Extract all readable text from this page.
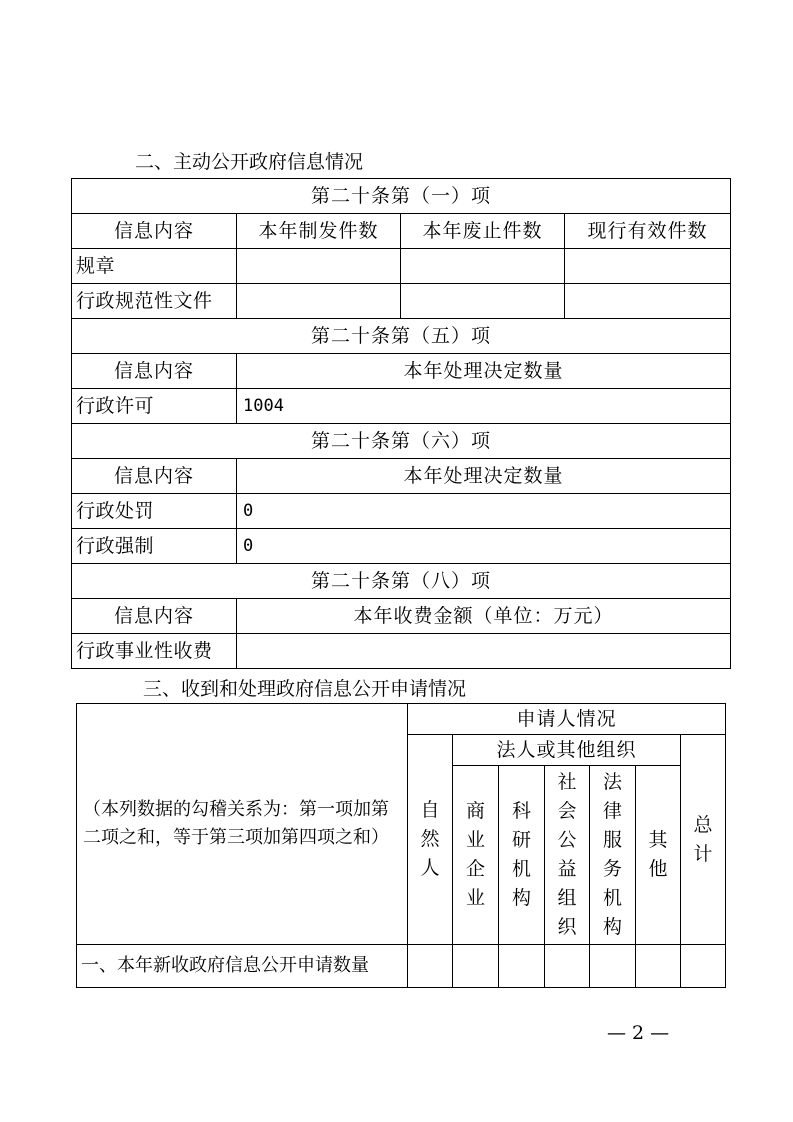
二、主动公开政府信息情况
第二十条第（一）项			
信息内容	本年制发件数	本年废止件数	现行有效件数
规章			
行政规范性文件			
第二十条第（五）项			
信息内容	本年处理决定数量		
行政许可	1004		
第二十条第（六）项			
信息内容	本年处理决定数量		
行政处罚	0		
行政强制	0		
第二十条第（八）项			
信息内容	本年收费金额（单位：万元）		
行政事业性收费			
三、收到和处理政府信息公开申请情况
（本列数据的勾稽关系为：第一项加第二项之和，等于第三项加第四项之和）	申请人情况						

	自然人	法人或其他组织					总计

		商业企业	科研机构	社会公益组织	法律服务机构	其他	

一、本年新收政府信息公开申请数量							
— 2 —
